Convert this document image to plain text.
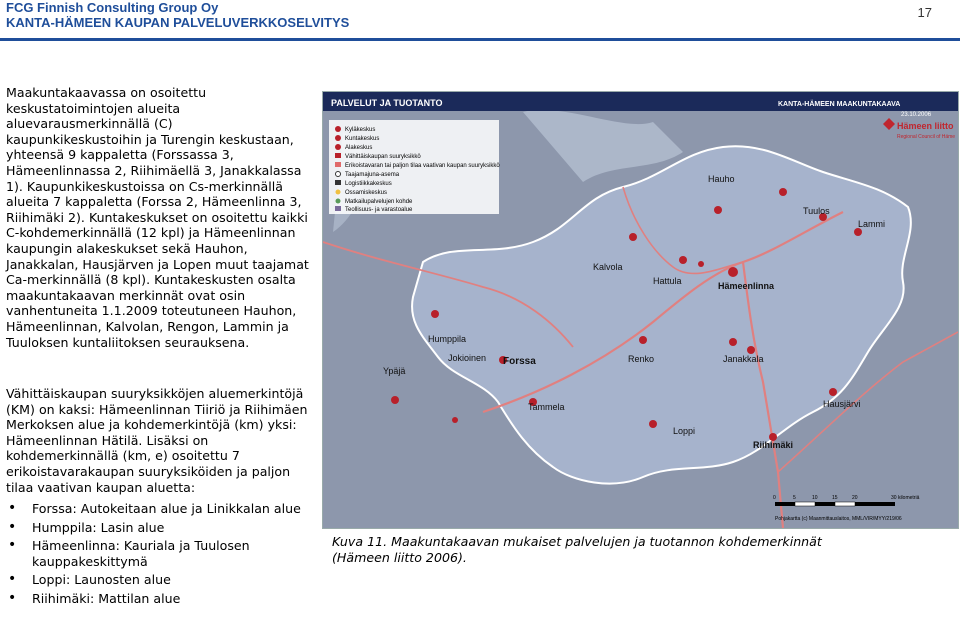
FCG Finnish Consulting Group Oy
KANTA-HÄMEEN KAUPAN PALVELUVERKKOSELVITYS
17
Maakuntakaavassa on osoitettu keskustatoimintojen alueita aluevarausmerkinnällä (C) kaupunkikeskustoihin ja Turengin keskustaan, yhteensä 9 kappaletta (Forssassa 3, Hämeenlinnassa 2, Riihimäellä 3, Janakkalassa 1). Kaupunkikeskustoissa on Cs-merkinnällä alueita 7 kappaletta (Forssa 2, Hämeenlinna 3, Riihimäki 2). Kuntakeskukset on osoitettu kaikki C-kohdemerkinnällä (12 kpl) ja Hämeenlinnan kaupungin alakeskukset sekä Hauhon, Janakkalan, Hausjärven ja Lopen muut taajamat Ca-merkinnällä (8 kpl). Kuntakeskusten osalta maakuntakaavan merkinnät ovat osin vanhentuneita 1.1.2009 toteutuneen Hauhon, Hämeenlinnan, Kalvolan, Rengon, Lammin ja Tuuloksen kuntaliitoksen seurauksena.
Vähittäiskaupan suuryksikköjen aluemerkintöjä (KM) on kaksi: Hämeenlinnan Tiiriö ja Riihimäen Merkoksen alue ja kohdemerkintöjä (km) yksi: Hämeenlinnan Hätilä. Lisäksi on kohdemerkinnällä (km, e) osoitettu 7 erikoistavarakaupan suuryksiköiden ja paljon tilaa vaativan kaupan aluetta:
• Forssa: Autokeitaan alue ja Linikkalan alue
• Humppila: Lasin alue
• Hämeenlinna: Kauriala ja Tuulosen kauppakeskittymä
• Loppi: Launosten alue
• Riihimäki: Mattilan alue
PALVELUT JA TUOTANTO	KANTA-HÄMEEN MAAKUNTAKAAVA
23.10.2006
Hämeen liitto
Regional Council of Häme
Kyläkeskus
Kuntakeskus
Alakeskus
Vähittäiskaupan suuryksikkö
Erikoistavaran tai paljon tilaa vaativan kaupan suuryksikkö
Taajamajuna-asema
Logistiikkakeskus
Ossamiskeskus
Matkailupalvelujen kohde
Teollisuus- ja varastoalue
Hauho
Tuulos
Lammi
Kalvola
Hattula	Hämeenlinna
Humppila
Jokioinen Forssa	Renko	Janakkala
Ypäjä
Tammela
Loppi
Hausjärvi
Riihimäki
0	5	10	15	20	30 kilometriä
Pohjakartta (c) Maanmittauslaitos, MML/VIR/MYY/219/06
Kuva 11. Maakuntakaavan mukaiset palvelujen ja tuotannon kohdemerkinnät
(Hämeen liitto 2006).
